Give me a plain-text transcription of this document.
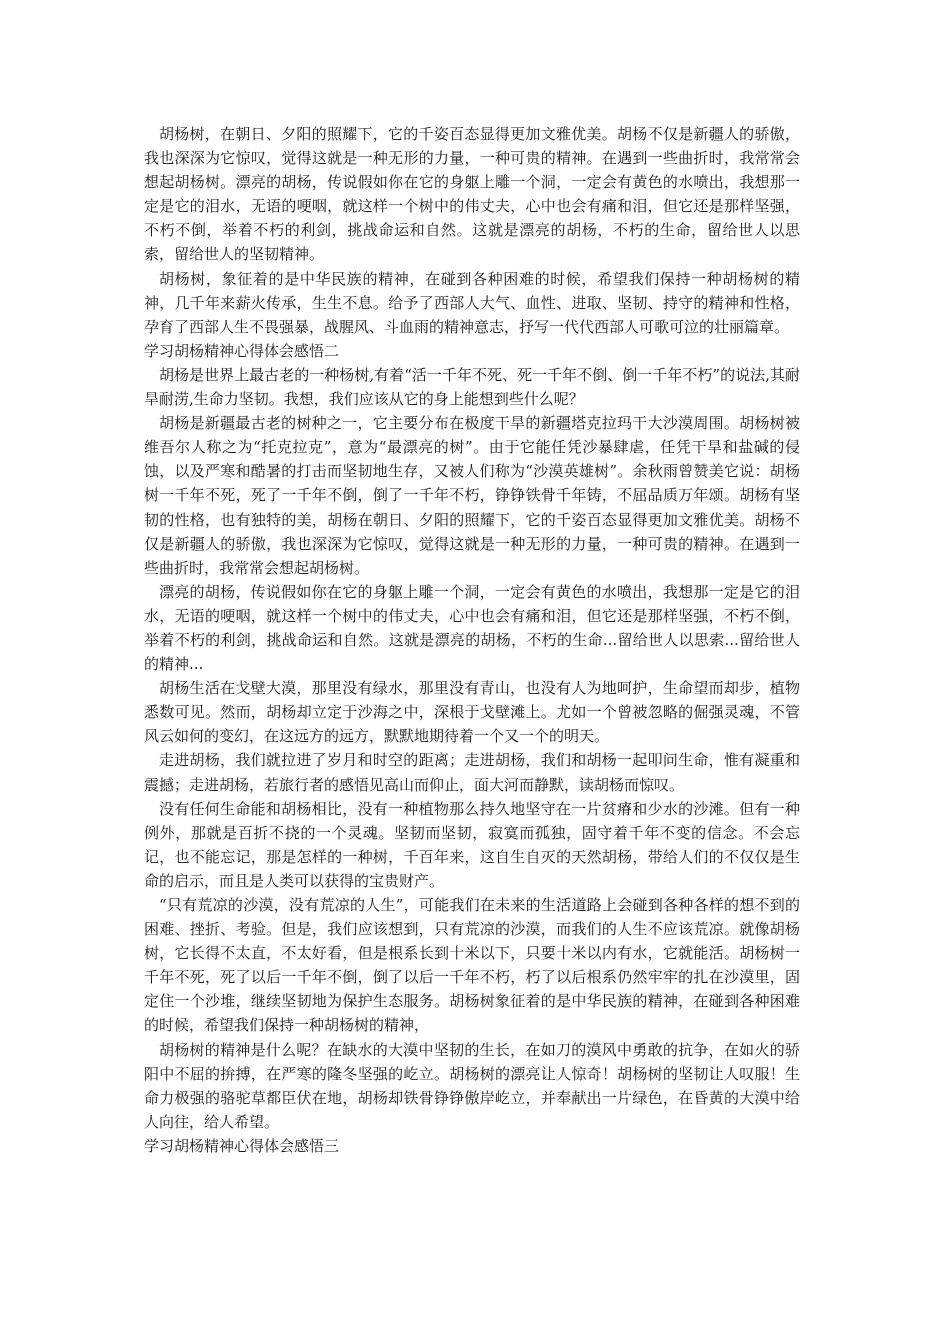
胡杨树，在朝日、夕阳的照耀下，它的千姿百态显得更加文雅优美。胡杨不仅是新疆人的骄傲，我也深深为它惊叹，觉得这就是一种无形的力量，一种可贵的精神。在遇到一些曲折时，我常常会想起胡杨树。漂亮的胡杨，传说假如你在它的身躯上雕一个洞，一定会有黄色的水喷出，我想那一定是它的泪水，无语的哽咽，就这样一个树中的伟丈夫，心中也会有痛和泪，但它还是那样坚强，不朽不倒，举着不朽的利剑，挑战命运和自然。这就是漂亮的胡杨，不朽的生命，留给世人以思索，留给世人的坚韧精神。

胡杨树，象征着的是中华民族的精神，在碰到各种困难的时候，希望我们保持一种胡杨树的精神，几千年来薪火传承，生生不息。给予了西部人大气、血性、进取、坚韧、持守的精神和性格，孕育了西部人生不畏强暴，战腥风、斗血雨的精神意志，抒写一代代西部人可歌可泣的壮丽篇章。

学习胡杨精神心得体会感悟二

胡杨是世界上最古老的一种杨树,有着“活一千年不死、死一千年不倒、倒一千年不朽”的说法,其耐旱耐涝,生命力坚韧。我想，我们应该从它的身上能想到些什么呢？

胡杨是新疆最古老的树种之一，它主要分布在极度干旱的新疆塔克拉玛干大沙漠周围。胡杨树被维吾尔人称之为“托克拉克”，意为“最漂亮的树”。由于它能任凭沙暴肆虐，任凭干旱和盐碱的侵蚀，以及严寒和酷暑的打击而坚韧地生存，又被人们称为“沙漠英雄树”。余秋雨曾赞美它说：胡杨树一千年不死，死了一千年不倒，倒了一千年不朽，铮铮铁骨千年铸，不屈品质万年颂。胡杨有坚韧的性格，也有独特的美，胡杨在朝日、夕阳的照耀下，它的千姿百态显得更加文雅优美。胡杨不仅是新疆人的骄傲，我也深深为它惊叹，觉得这就是一种无形的力量，一种可贵的精神。在遇到一些曲折时，我常常会想起胡杨树。

漂亮的胡杨，传说假如你在它的身躯上雕一个洞，一定会有黄色的水喷出，我想那一定是它的泪水，无语的哽咽，就这样一个树中的伟丈夫，心中也会有痛和泪，但它还是那样坚强，不朽不倒，举着不朽的利剑，挑战命运和自然。这就是漂亮的胡杨，不朽的生命...留给世人以思索...留给世人的精神...

胡杨生活在戈壁大漠，那里没有绿水，那里没有青山，也没有人为地呵护，生命望而却步，植物悉数可见。然而，胡杨却立定于沙海之中，深根于戈壁滩上。尤如一个曾被忽略的倔强灵魂，不管风云如何的变幻，在这远方的远方，默默地期待着一个又一个的明天。

走进胡杨，我们就拉进了岁月和时空的距离；走进胡杨，我们和胡杨一起叩问生命，惟有凝重和震撼；走进胡杨，若旅行者的感悟见高山而仰止，面大河而静默，读胡杨而惊叹。

没有任何生命能和胡杨相比，没有一种植物那么持久地坚守在一片贫瘠和少水的沙滩。但有一种例外，那就是百折不挠的一个灵魂。坚韧而坚韧，寂寞而孤独，固守着千年不变的信念。不会忘记，也不能忘记，那是怎样的一种树，千百年来，这自生自灭的天然胡杨，带给人们的不仅仅是生命的启示，而且是人类可以获得的宝贵财产。

“只有荒凉的沙漠，没有荒凉的人生”，可能我们在未来的生活道路上会碰到各种各样的想不到的困难、挫折、考验。但是，我们应该想到，只有荒凉的沙漠，而我们的人生不应该荒凉。就像胡杨树，它长得不太直，不太好看，但是根系长到十米以下，只要十米以内有水，它就能活。胡杨树一千年不死，死了以后一千年不倒，倒了以后一千年不朽，朽了以后根系仍然牢牢的扎在沙漠里，固定住一个沙堆，继续坚韧地为保护生态服务。胡杨树象征着的是中华民族的精神，在碰到各种困难的时候，希望我们保持一种胡杨树的精神，

胡杨树的精神是什么呢？在缺水的大漠中坚韧的生长，在如刀的漠风中勇敢的抗争，在如火的骄阳中不屈的拚搏，在严寒的隆冬坚强的屹立。胡杨树的漂亮让人惊奇！胡杨树的坚韧让人叹服！生命力极强的骆驼草都臣伏在地，胡杨却铁骨铮铮傲岸屹立，并奉献出一片绿色，在昏黄的大漠中给人向往，给人希望。

学习胡杨精神心得体会感悟三
